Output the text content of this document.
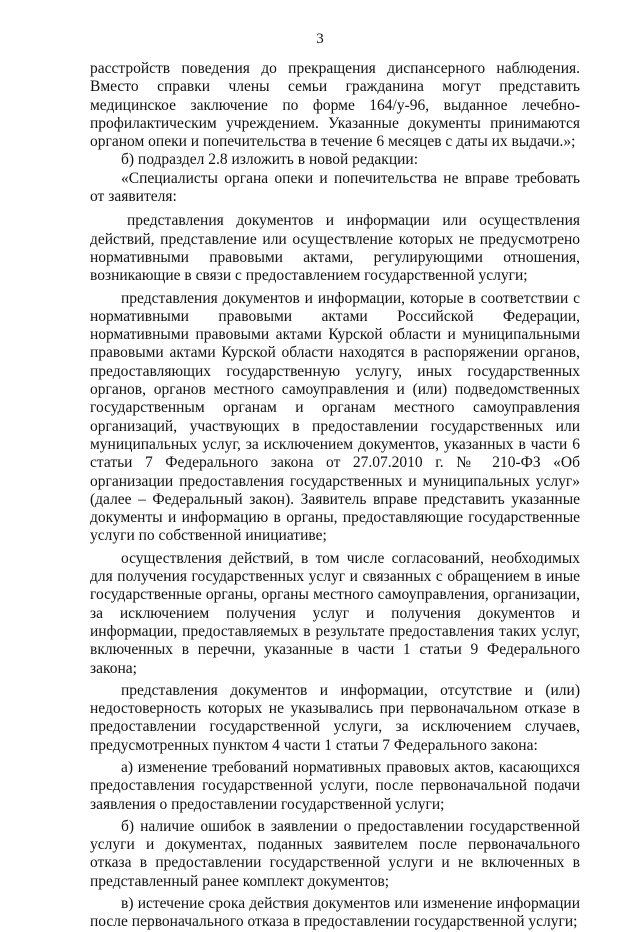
3

расстройств поведения до прекращения диспансерного наблюдения. Вместо справки члены семьи гражданина могут представить медицинское заключение по форме 164/у-96, выданное лечебно-профилактическим учреждением. Указанные документы принимаются органом опеки и попечительства в течение 6 месяцев с даты их выдачи.»;

б) подраздел 2.8 изложить в новой редакции:

«Специалисты органа опеки и попечительства не вправе требовать от заявителя:

представления документов и информации или осуществления действий, представление или осуществление которых не предусмотрено нормативными правовыми актами, регулирующими отношения, возникающие в связи с предоставлением государственной услуги;

представления документов и информации, которые в соответствии с нормативными правовыми актами Российской Федерации, нормативными правовыми актами Курской области и муниципальными правовыми актами Курской области находятся в распоряжении органов, предоставляющих государственную услугу, иных государственных органов, органов местного самоуправления и (или) подведомственных государственным органам и органам местного самоуправления организаций, участвующих в предоставлении государственных или муниципальных услуг, за исключением документов, указанных в части 6 статьи 7 Федерального закона от 27.07.2010 г. № 210-ФЗ «Об организации предоставления государственных и муниципальных услуг» (далее – Федеральный закон). Заявитель вправе представить указанные документы и информацию в органы, предоставляющие государственные услуги по собственной инициативе;

осуществления действий, в том числе согласований, необходимых для получения государственных услуг и связанных с обращением в иные государственные органы, органы местного самоуправления, организации, за исключением получения услуг и получения документов и информации, предоставляемых в результате предоставления таких услуг, включенных в перечни, указанные в части 1 статьи 9 Федерального закона;

представления документов и информации, отсутствие и (или) недостоверность которых не указывались при первоначальном отказе в предоставлении государственной услуги, за исключением случаев, предусмотренных пунктом 4 части 1 статьи 7 Федерального закона:

а) изменение требований нормативных правовых актов, касающихся предоставления государственной услуги, после первоначальной подачи заявления о предоставлении государственной услуги;

б) наличие ошибок в заявлении о предоставлении государственной услуги и документах, поданных заявителем после первоначального отказа в предоставлении государственной услуги и не включенных в представленный ранее комплект документов;

в) истечение срока действия документов или изменение информации после первоначального отказа в предоставлении государственной услуги;
